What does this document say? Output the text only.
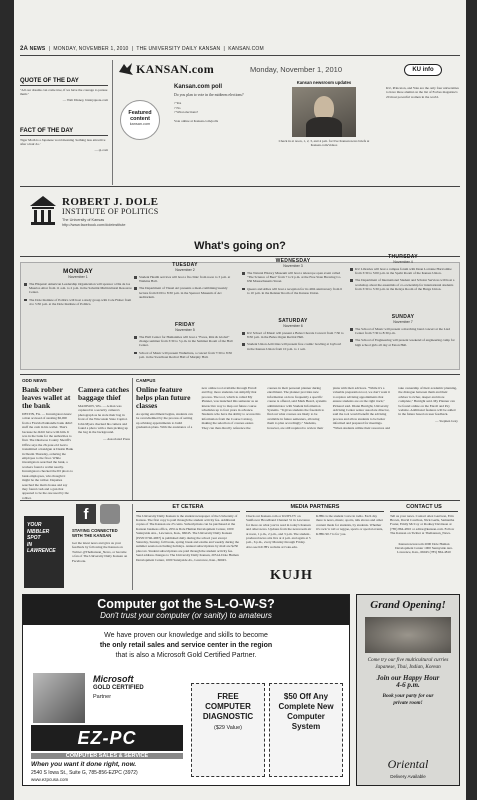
2A NEWS  |  MONDAY, NOVEMBER 1, 2010  |  THE UNIVERSITY DAILY KANSAN  |  KANSAN.COM
QUOTE OF THE DAY
"All our dreams can come true, if we have the courage to pursue them."
— Walt Disney, brainyquote.com
FACT OF THE DAY
Tiger Moth is a Japanese word meaning 'nothing less attractive after a hair do.'
— qi.com
KANSAN.com	Monday, November 1, 2010	KU info
KU, Princeton, and Yale are the only four universities to have three alumni on the list of Forbes magazine's 20 most powerful women in the world.
Featured
content
kansan.com
Kansan.com poll
Do you plan to vote in the midterm elections?
? Yes
? No
? What elections?
Vote online at Kansan.com/polls
Kansan newsroom updates
Check in at noon, 1, 2, 3, and 4 p.m. for live Kansan news briefs at Kansan.com/videos
ROBERT J. DOLE
INSTITUTE OF POLITICS
The University of Kansas
http://www.facebook.com/doleinstitute
What's going on?
MONDAY
November 1
The Hispanic American Leadership Organization will sponsor a Día de los Muertos Altar from 11 a.m. to 2 p.m. in the Sabatini Multicultural Resource Center.
The Dole Institute of Politics will host a study group with Cole Fisher from 4 to 5:30 p.m. at the Dole Institute of Politics.
TUESDAY
November 2
Student Health services will host a flu clinic from noon to 3 p.m. at Watkins Hall.
The Department of Visual Art presents a meal-combining/weekly lecture from 6:00 to 8:30 p.m. in the Spencer Museum of Art auditorium.
WEDNESDAY
November 3
The Natural History Museum will host a telescope open event called "The Science of Beer" from 7 to 9 p.m. at the Free State Brewing Co. 636 Massachusetts Street.
Queers and Allies will host a reception for its 40th anniversary from 6 to 10 p.m. in the Reisner Room of the Kansas Union.
THURSDAY
November 4
KU Libraries will host a campus forum with Dean Lorraine Haricombe from 3:30 to 5:00 p.m. in the Spahr Room of the Kansas Union.
The Department of International Student and Scholar Services will host a workshop about the essentials of co-ownership for international students from 3:30 to 5:30 p.m. in the Relays Room of the Burge Union.
FRIDAY
November 5
The Hall Center for Humanities will host a "Faces, Ritz & Global" change seminar from 3:30 to 5 p.m. in the Seminar Room of the Hall Center.
School of Music will present Wuhultura, a concert from 7:30 to 8:30 p.m. in the Swarthout Recital Hall of Murphy Hall.
SATURDAY
November 6
KU School of Music will present a Bales Chorale Concert from 7:30 to 8:30 p.m. in the Bales Organ Recital Hall.
Student Union Activities will present free cosmic bowling at Jaybowl in the Kansas Union from 10 p.m. to 1 a.m.
SUNDAY
November 7
The School of Music will present a marching band concert at the Lied Center from 7:30 to 8:30 p.m.
The School of Engineering will present weekend of engineering camp for high school girls all day at Eaton Hall.
ODD NEWS
Bank robber leaves wallet at the bank
DESTIN, Fla. — Investigators knew a man accused of stealing $6,000 from a Florida Panhandle bank didn't stuff the cash in his wallet. That's because he didn't have with him. It was in the bank for the authorities to find. The Okaloosa County Sheriff's Office says the 26-year-old Geico transmitted a handgun at Destin Bank in Destin Thursday, ordering the employee to the floor. While investigators searched the bank, a workers found a wallet nearby. Investigators checked the ID photo to bank employees, who thought it might be the robber. Deputies searched the man's house and say they found cash and a gun that appeared to be the one used by the robber.
Camera catches baggage thief
MADISON, Wis. — A man was captured in a security camera's photograph as he stole their bag in front of the Wisconsin State Capitol. John Myers checked his camera and found a photo with a man picking up the bag in the background.
— Associated Press
CAMPUS
Online feature helps plan future classes
As spring enrollment begins, students can be overwhelmed by the process of setting up advising appointments to build graduation plans. With the assistance of a new online tool available through Enroll and Pay, more students can simplify that process. The tool, which is called My Planner, was launched this semester as an interactive way to map out future course schedules up to four years in advance. Students who have the ability to access this information from the Course Catalog, making the selection of courses easier. They can then directly reference the courses in their personal planner during enrollment. The planner provides new information on how frequently a specific course is offered, said Mark Beard, systems administrator with Student Information Systems. "It gives students the freedom to find out what courses are likely to be available in future semesters, allowing them to plan accordingly." Students, however, are still required to review their plans with their advisors. "While it's a valuable preparation tool, we don't want it to replace advising appointments that ensure students are on the right track," Pickerel said. Diann Burright, University Advising Center senior associate director, said the tool would benefit the advising process and allow students to be better informed and prepared for meetings. "When students utilize their resources and take ownership of their academic planning, the dialogue between them and their advisor is richer, deeper and more complete," Burright said. My Planner can be found online on the Enroll and Pay website. Additional features will be added in the future based on user feedback.
— Stephen Gray
f
STAYING CONNECTED WITH THE KANSAN
Get the latest news and give us your feedback by following the Kansan on Twitter @TheKansan_News, or become a fan of The University Daily Kansan on Facebook.
YOUR
NIBBLER
SPOT
IN
LAWRENCE
ET CETERA
The University Daily Kansan is the student newspaper of the University of Kansas. The first copy is paid through the student activity fee. Additional copies of The Kansan are 25 cents. Subscriptions can be purchased at the Kansan business office, 2051A Dole Human Development Center, 1000 Sunnyside Ave., Lawrence, Kan., 66045. The University Daily Kansan (ISSN 0746-4967) is published daily during the school year except Saturday, Sunday, fall break, spring break and exams and weekly during the summer session excluding holidays. Annual subscriptions by mail are $250 plus tax. Student subscriptions are paid through the student activity fee. Send address changes to The University Daily Kansan, 2051A Dole Human Development Center, 1000 Sunnyside Av., Lawrence, Kan., 66045.
MEDIA PARTNERS
Check out Kansan.com or KUJH-TV on Sunflower Broadband Channel 31 in Lawrence for more on what you've read in today's Kansan and other news. Updates from the newsroom air at noon, 1 p.m., 2 p.m., and 3 p.m. The student-produced news airs live at 4 p.m. and again at 5 p.m., 6 p.m., every Monday through Friday. Also see KUJH's website at tv.ku.edu.
KJHK is the student voice in radio. Each day there is news, music, sports, talk shows and other content made for students, by students. Whether it's rock 'n roll or reggae, sports or special events, KJHK 90.7 is for you.
KUJH
CONTACT US
Tell us your news. Contact Alex Garrison, Erin Brown, David Cawthon, Nick Gerik, Samantha Foster, Emily McCoy or Rodney Devinson at (785) 864-4810 or editor@kansan.com. Follow The Kansan on Twitter at TheKansan_News.
Kansan newsroom 2000 Dole Human Development Center 1000 Sunnyside Ave. Lawrence, Kan., 66045 (785) 864-4810
Computer got the S-L-O-W-S?
Don't trust your computer (or sanity) to amateurs
We have proven our knowledge and skills to become
the only retail sales and service center in the region
that is also a Microsoft Gold Certified Partner.
Microsoft
GOLD CERTIFIED
Partner
EZ-PC
COMPUTER SALES & SERVICE
When you want it done right, now.
2540 S Iowa St., Suite G, 785-856-EZPC (3972)
www.ezpcusa.com
FREE COMPUTER DIAGNOSTIC
($29 Value)
$50 Off Any Complete New Computer System
Grand Opening!
Come try our five multicultural curries
Japanese, Thai, Indian, Korean
Join our Happy Hour
4-6 p.m.
Book your party for our
private room!
Oriental
Delivery Available
